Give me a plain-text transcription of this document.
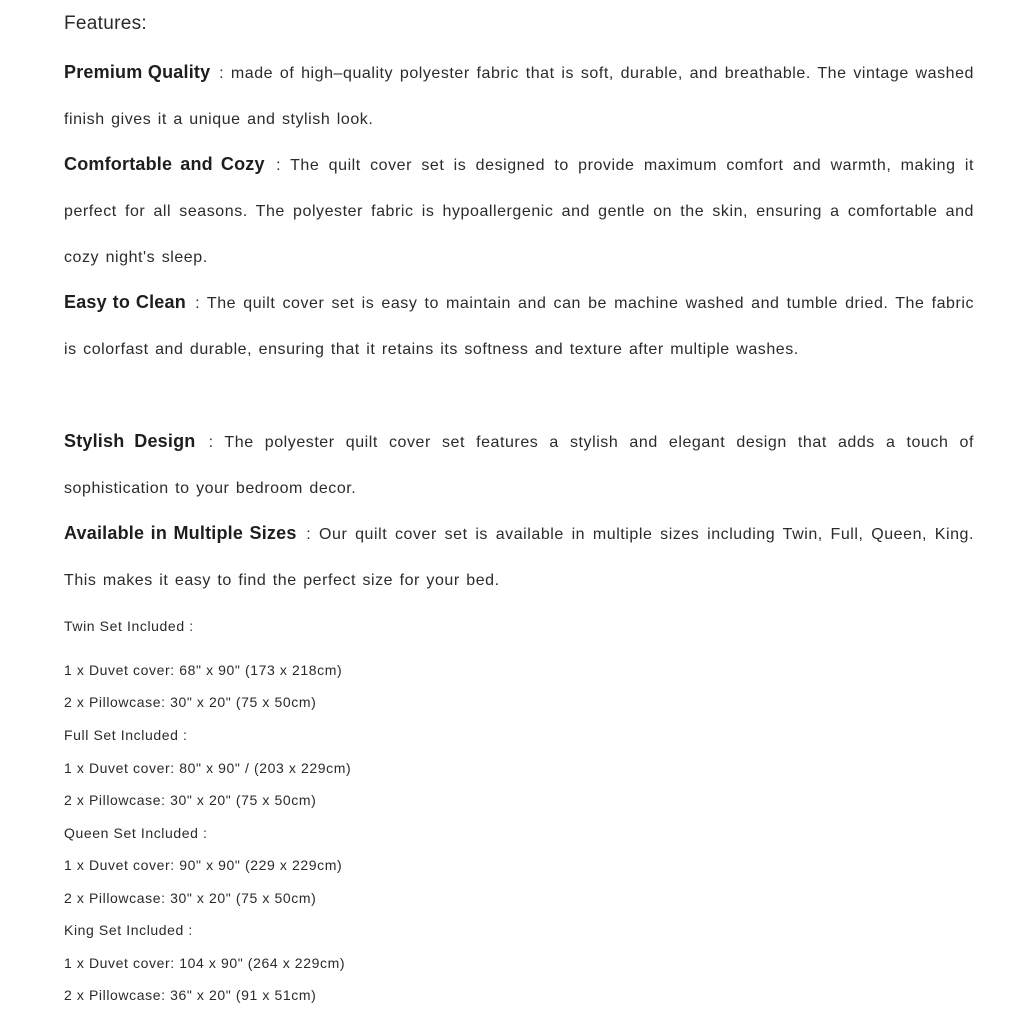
Features:
Premium Quality : made of high–quality polyester fabric that is soft, durable, and breathable. The vintage washed finish gives it a unique and stylish look.
Comfortable and Cozy : The quilt cover set is designed to provide maximum comfort and warmth, making it perfect for all seasons. The polyester fabric is hypoallergenic and gentle on the skin, ensuring a comfortable and cozy night's sleep.
Easy to Clean : The quilt cover set is easy to maintain and can be machine washed and tumble dried. The fabric is colorfast and durable, ensuring that it retains its softness and texture after multiple washes.
Stylish Design : The polyester quilt cover set features a stylish and elegant design that adds a touch of sophistication to your bedroom decor.
Available in Multiple Sizes : Our quilt cover set is available in multiple sizes including Twin, Full, Queen, King. This makes it easy to find the perfect size for your bed.
Twin Set Included :
1 x Duvet cover: 68" x 90" (173 x 218cm)
2 x Pillowcase: 30" x 20" (75 x 50cm)
Full Set Included :
1 x Duvet cover: 80" x 90" / (203 x 229cm)
2 x Pillowcase: 30" x 20" (75 x 50cm)
Queen Set Included :
1 x Duvet cover: 90" x 90" (229 x 229cm)
2 x Pillowcase: 30" x 20" (75 x 50cm)
King Set Included :
1 x Duvet cover: 104 x 90" (264 x 229cm)
2 x Pillowcase: 36" x 20" (91 x 51cm)
